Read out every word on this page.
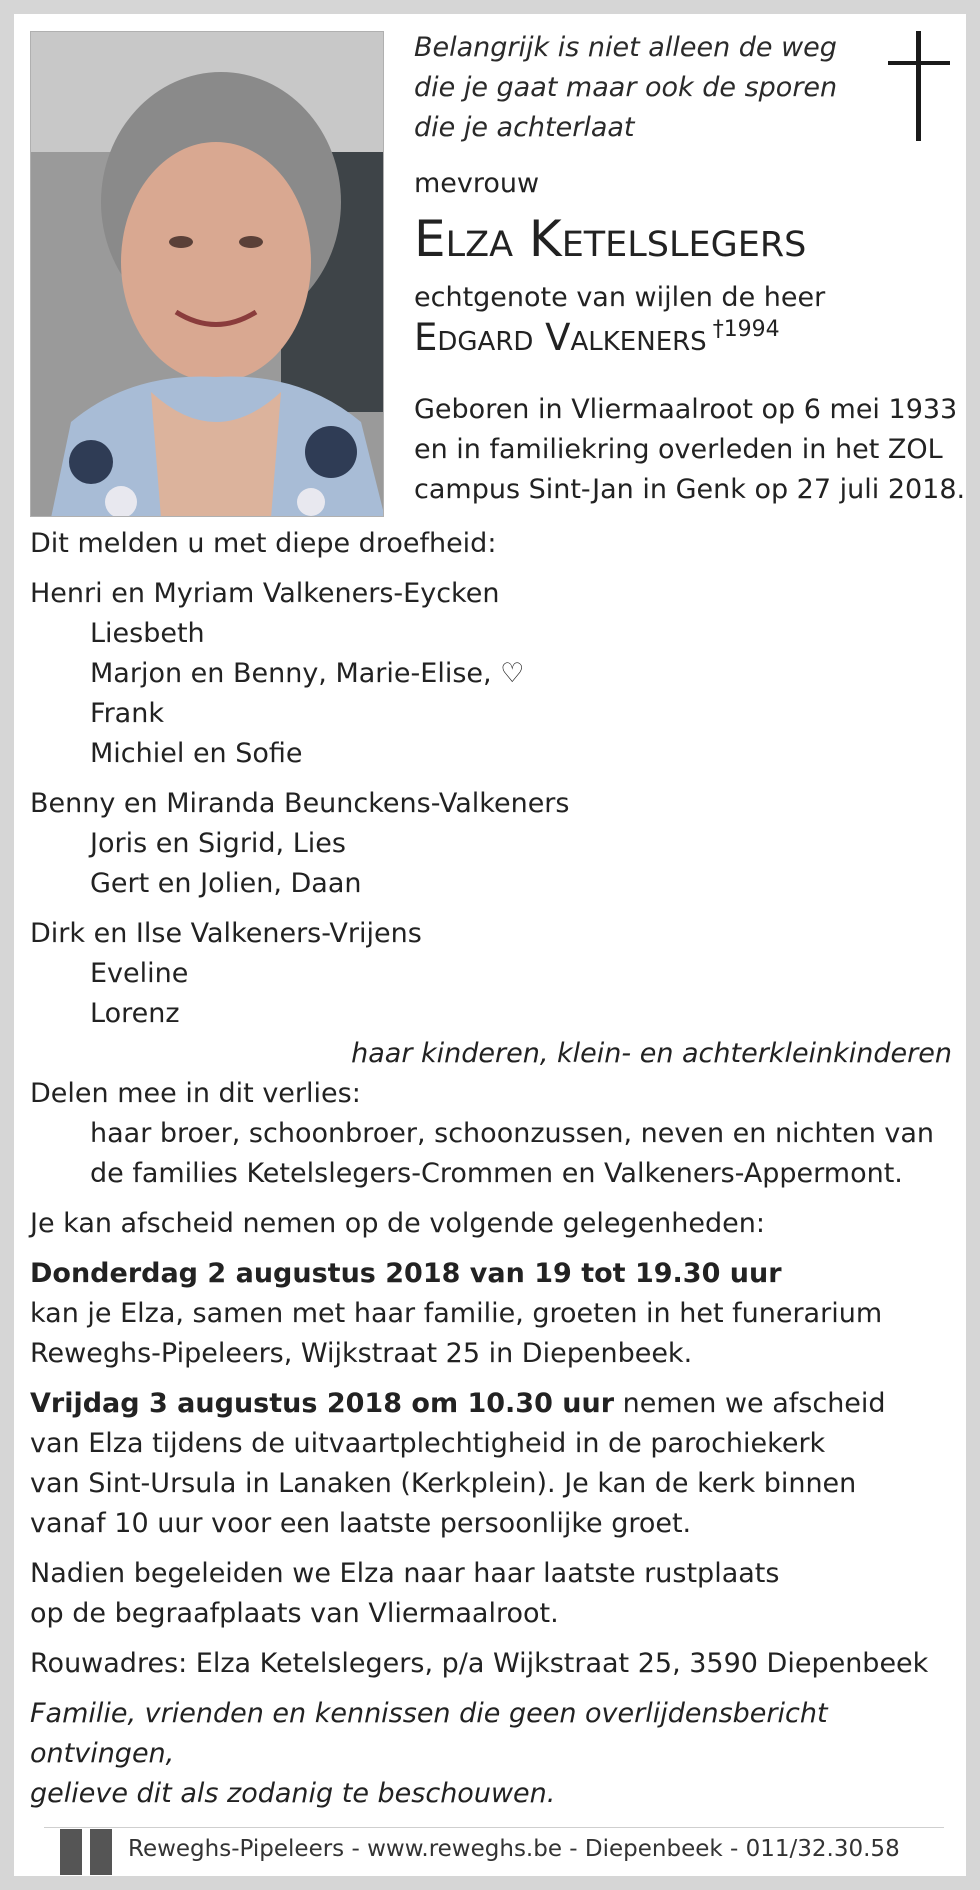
Belangrijk is niet alleen de weg
die je gaat maar ook de sporen
die je achterlaat
mevrouw
Elza Ketelslegers
echtgenote van wijlen de heer
Edgard Valkeners $^{\dagger 1994}$
Geboren in Vliermaalroot op 6 mei 1933
en in familiekring overleden in het ZOL
campus Sint-Jan in Genk op 27 juli 2018.

Dit melden u met diepe droefheid:

Henri en Myriam Valkeners-Eycken

Liesbeth

Marjon en Benny, Marie-Elise, ♡

Frank

Michiel en Sofie

Benny en Miranda Beunckens-Valkeners

Joris en Sigrid, Lies

Gert en Jolien, Daan

Dirk en Ilse Valkeners-Vrijens

Eveline

Lorenz

haar kinderen, klein- en achterkleinkinderen

Delen mee in dit verlies:

haar broer, schoonbroer, schoonzussen, neven en nichten van

de families Ketelslegers-Crommen en Valkeners-Appermont.

Je kan afscheid nemen op de volgende gelegenheden:

Donderdag 2 augustus 2018 van 19 tot 19.30 uur

kan je Elza, samen met haar familie, groeten in het funerarium

Reweghs-Pipeleers, Wijkstraat 25 in Diepenbeek.

Vrijdag 3 augustus 2018 om 10.30 uur nemen we afscheid

van Elza tijdens de uitvaartplechtigheid in de parochiekerk

van Sint-Ursula in Lanaken (Kerkplein). Je kan de kerk binnen

vanaf 10 uur voor een laatste persoonlijke groet.

Nadien begeleiden we Elza naar haar laatste rustplaats

op de begraafplaats van Vliermaalroot.

Rouwadres: Elza Ketelslegers, p/a Wijkstraat 25, 3590 Diepenbeek

Familie, vrienden en kennissen die geen overlijdensbericht ontvingen,

gelieve dit als zodanig te beschouwen.

Reweghs-Pipeleers - www.reweghs.be - Diepenbeek - 011/32.30.58
